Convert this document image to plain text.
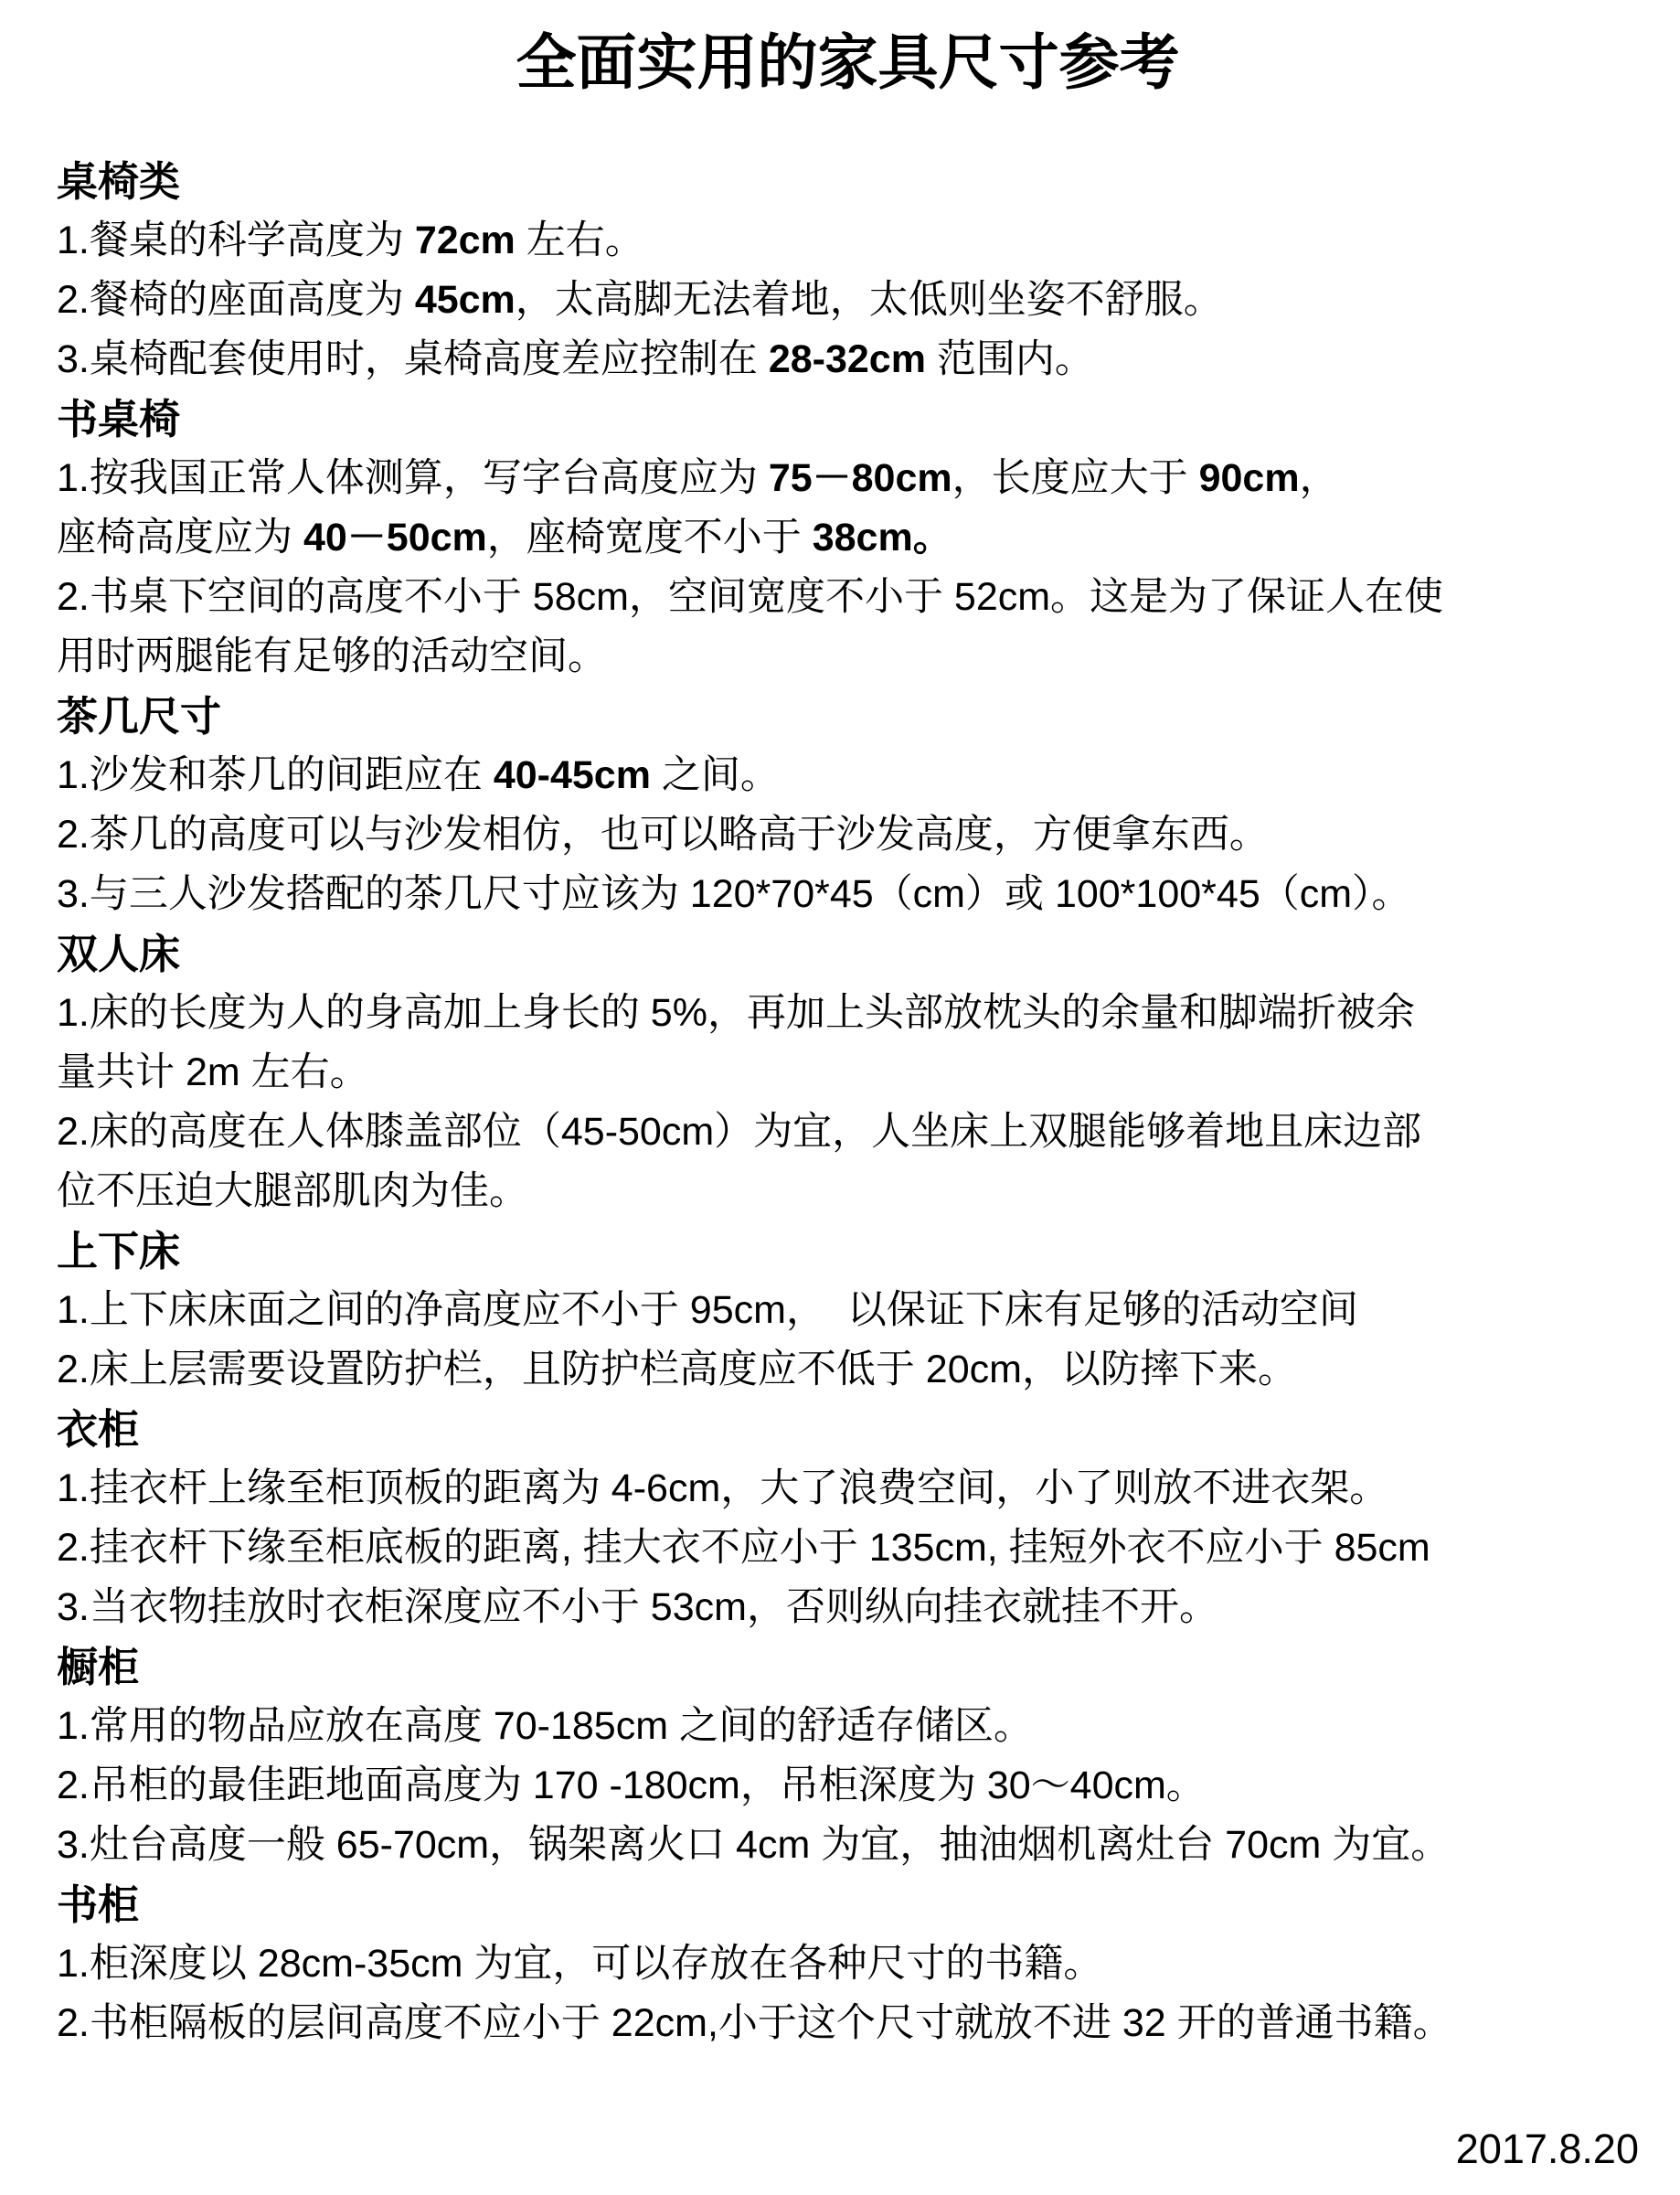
全面实用的家具尺寸参考
桌椅类
1.餐桌的科学高度为 72cm 左右。
2.餐椅的座面高度为 45cm，太高脚无法着地，太低则坐姿不舒服。
3.桌椅配套使用时，桌椅高度差应控制在 28-32cm 范围内。
书桌椅
1.按我国正常人体测算，写字台高度应为 75－80cm，长度应大于 90cm，
座椅高度应为 40－50cm，座椅宽度不小于 38cm。
2.书桌下空间的高度不小于 58cm，空间宽度不小于 52cm。这是为了保证人在使
用时两腿能有足够的活动空间。
茶几尺寸
1.沙发和茶几的间距应在 40-45cm 之间。
2.茶几的高度可以与沙发相仿，也可以略高于沙发高度，方便拿东西。
3.与三人沙发搭配的茶几尺寸应该为 120*70*45（cm）或 100*100*45（cm）。
双人床
1.床的长度为人的身高加上身长的 5%，再加上头部放枕头的余量和脚端折被余
量共计 2m 左右。
2.床的高度在人体膝盖部位（45-50cm）为宜，人坐床上双腿能够着地且床边部
位不压迫大腿部肌肉为佳。
上下床
1.上下床床面之间的净高度应不小于 95cm，  以保证下床有足够的活动空间
2.床上层需要设置防护栏，且防护栏高度应不低于 20cm，以防摔下来。
衣柜
1.挂衣杆上缘至柜顶板的距离为 4-6cm，大了浪费空间，小了则放不进衣架。
2.挂衣杆下缘至柜底板的距离, 挂大衣不应小于 135cm, 挂短外衣不应小于 85cm
3.当衣物挂放时衣柜深度应不小于 53cm，否则纵向挂衣就挂不开。
橱柜
1.常用的物品应放在高度 70-185cm 之间的舒适存储区。
2.吊柜的最佳距地面高度为 170 -180cm，吊柜深度为 30～40cm。
3.灶台高度一般 65-70cm，锅架离火口 4cm 为宜，抽油烟机离灶台 70cm 为宜。
书柜
1.柜深度以 28cm-35cm 为宜，可以存放在各种尺寸的书籍。
2.书柜隔板的层间高度不应小于 22cm,小于这个尺寸就放不进 32 开的普通书籍。
2017.8.20
